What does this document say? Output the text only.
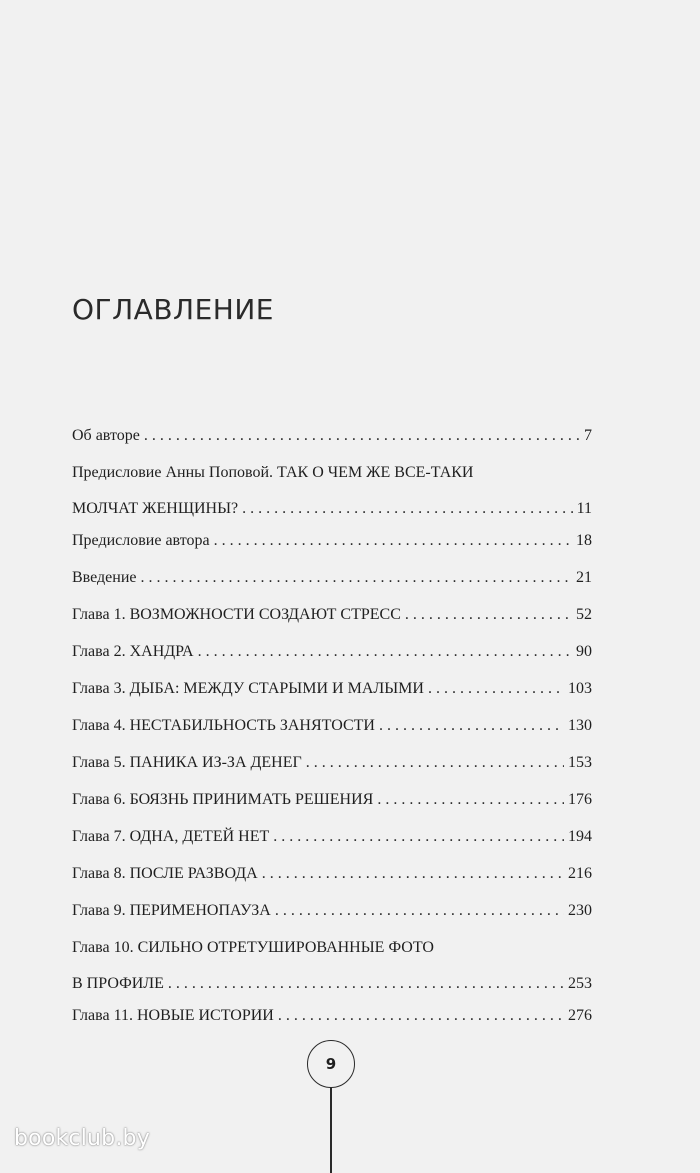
ОГЛАВЛЕНИЕ
Об авторе . . .	7
Предисловие Анны Поповой. ТАК О ЧЕМ ЖЕ ВСЕ-ТАКИ
МОЛЧАТ ЖЕНЩИНЫ? . . .	11
Предисловие автора . . .	18
Введение . . .	21
Глава 1. ВОЗМОЖНОСТИ СОЗДАЮТ СТРЕСС . . .	52
Глава 2. ХАНДРА . . .	90
Глава 3. ДЫБА: МЕЖДУ СТАРЫМИ И МАЛЫМИ . . .	103
Глава 4. НЕСТАБИЛЬНОСТЬ ЗАНЯТОСТИ . . .	130
Глава 5. ПАНИКА ИЗ-ЗА ДЕНЕГ . . .	153
Глава 6. БОЯЗНЬ ПРИНИМАТЬ РЕШЕНИЯ . . .	176
Глава 7. ОДНА, ДЕТЕЙ НЕТ . . .	194
Глава 8. ПОСЛЕ РАЗВОДА . . .	216
Глава 9. ПЕРИМЕНОПАУЗА . . .	230
Глава 10. СИЛЬНО ОТРЕТУШИРОВАННЫЕ ФОТО
В ПРОФИЛЕ . . .	253
Глава 11. НОВЫЕ ИСТОРИИ . . .	276
9
bookclub.by
